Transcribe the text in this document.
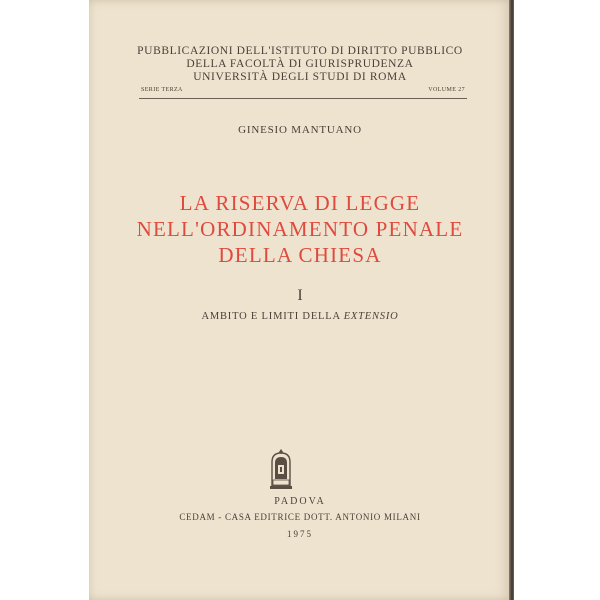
PUBBLICAZIONI DELL'ISTITUTO DI DIRITTO PUBBLICO
DELLA FACOLTÀ DI GIURISPRUDENZA
UNIVERSITÀ DEGLI STUDI DI ROMA
SERIE TERZA	VOLUME 27
GINESIO MANTUANO
LA RISERVA DI LEGGE
NELL'ORDINAMENTO PENALE
DELLA CHIESA
I
AMBITO E LIMITI DELLA EXTENSIO
PADOVA
CEDAM - CASA EDITRICE DOTT. ANTONIO MILANI
1975
